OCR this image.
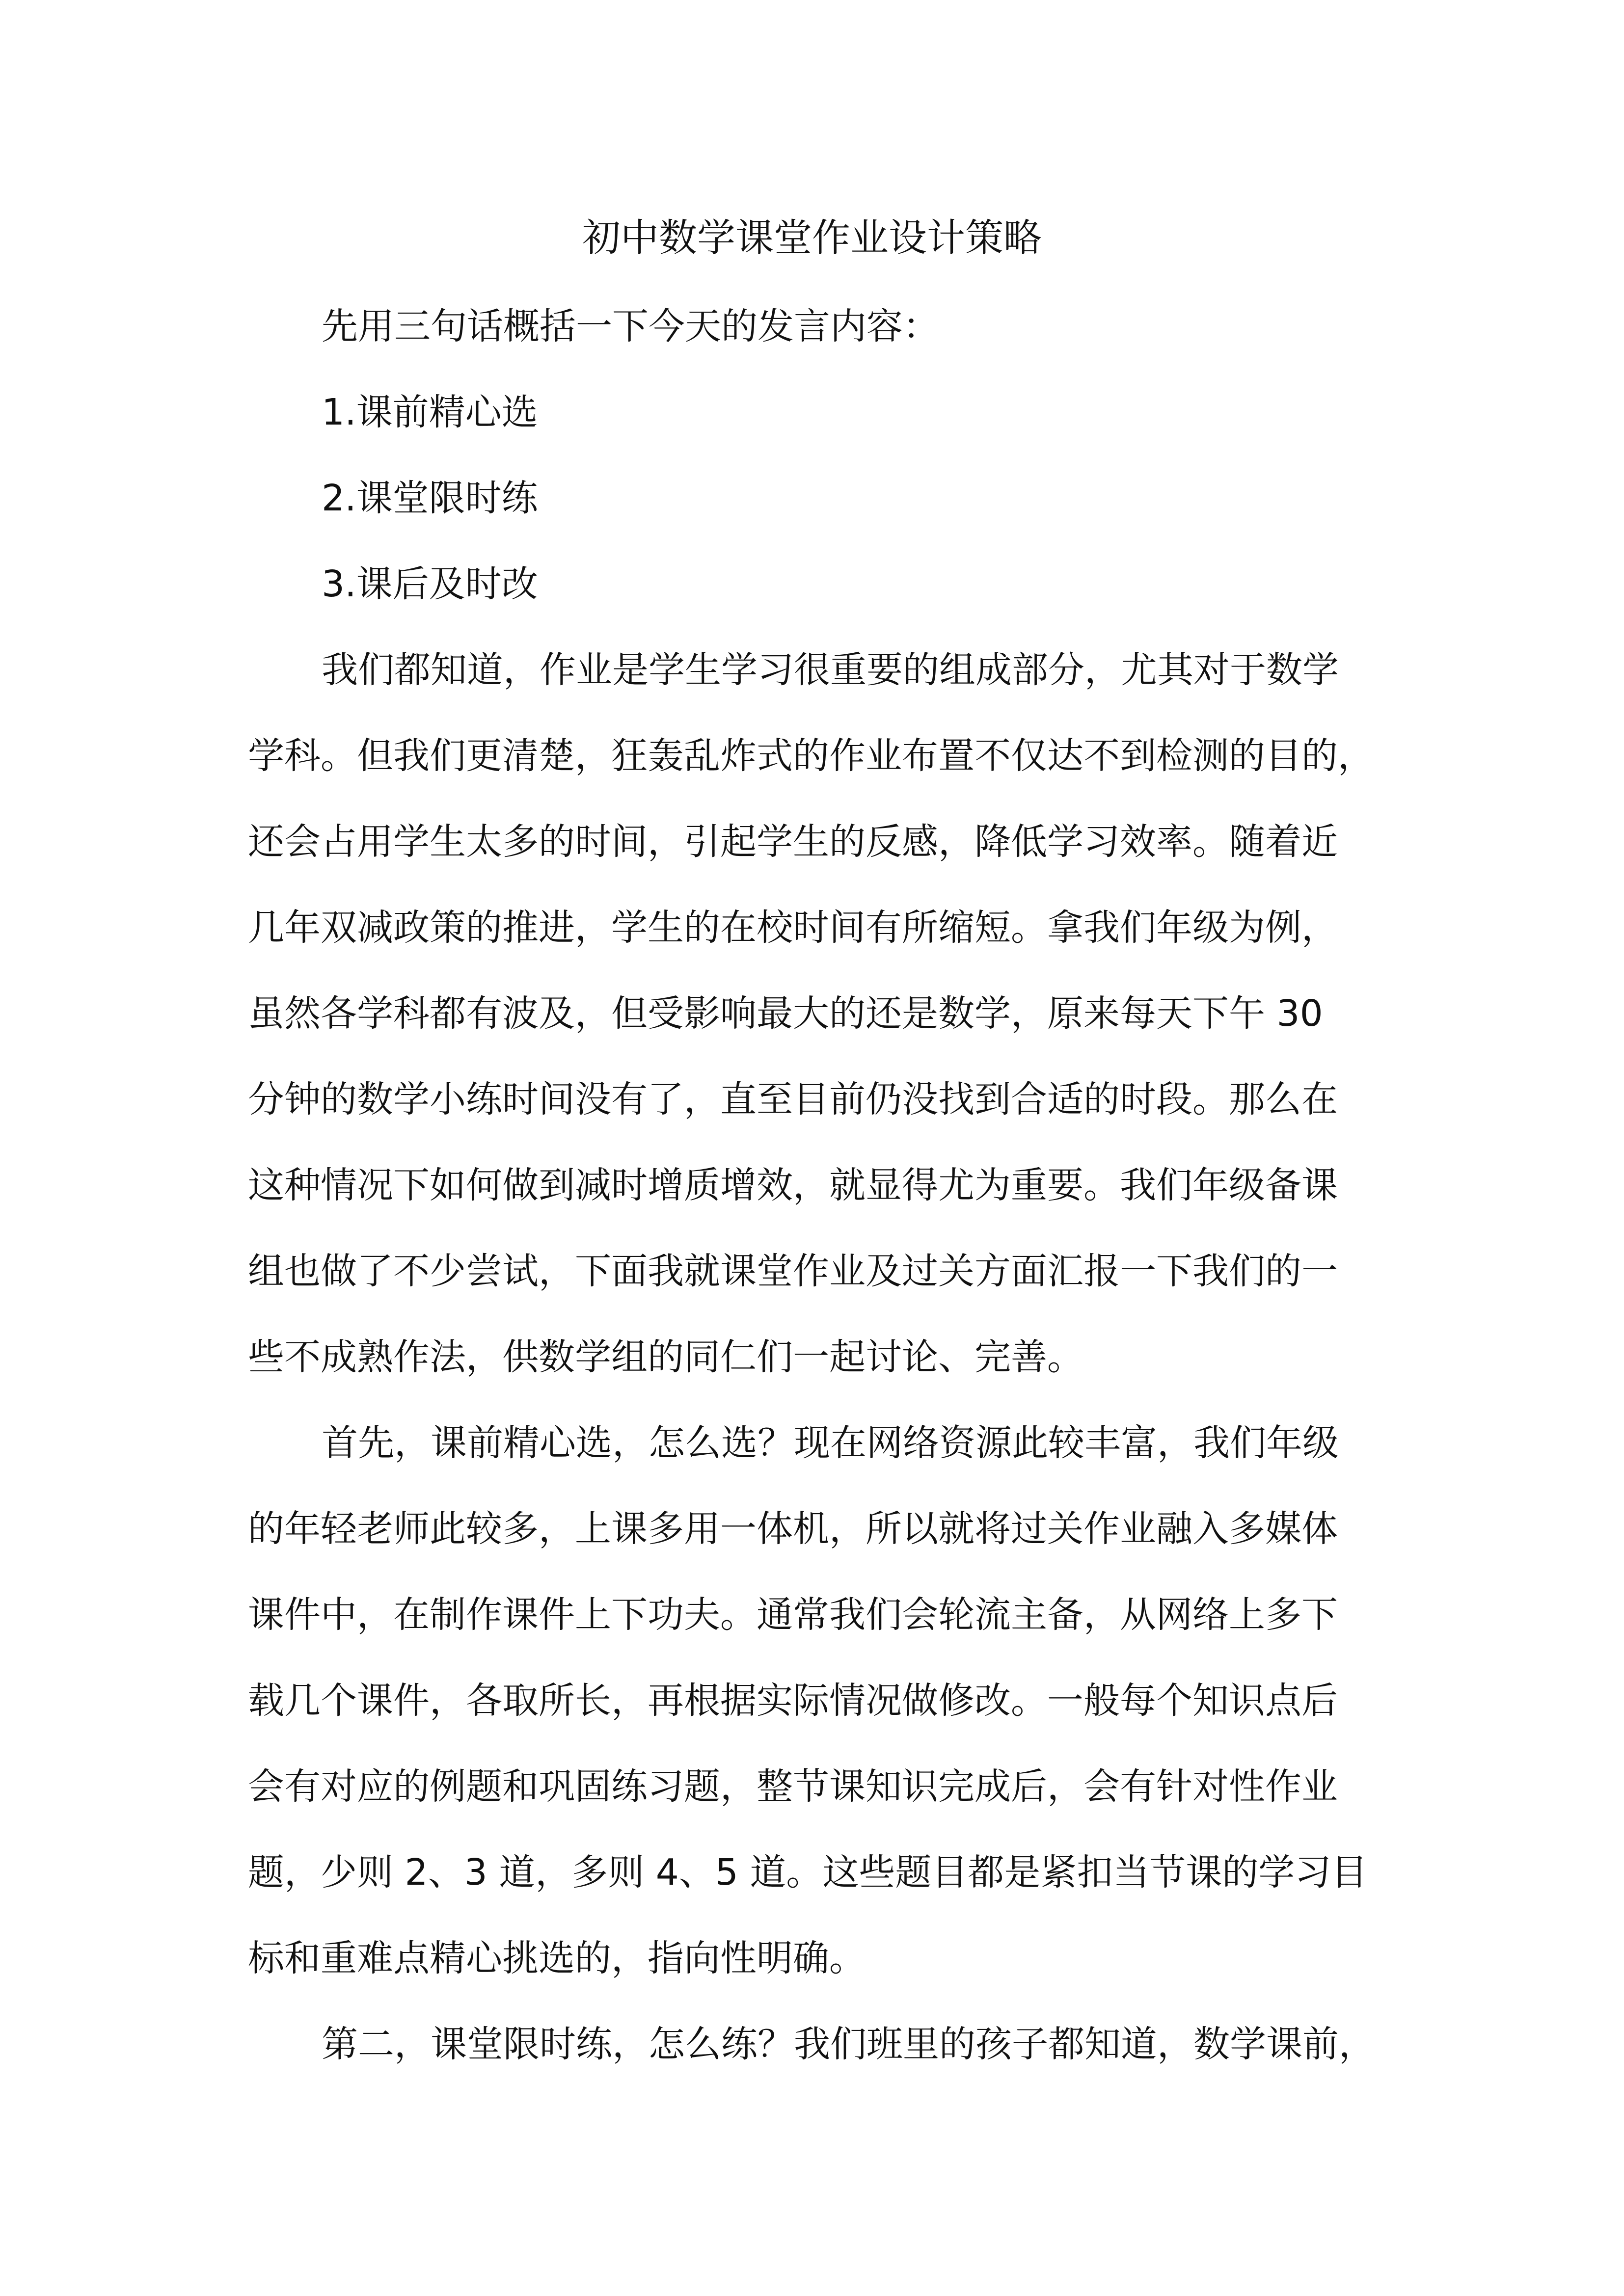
初中数学课堂作业设计策略
先用三句话概括一下今天的发言内容：
1.课前精心选
2.课堂限时练
3.课后及时改
我们都知道，作业是学生学习很重要的组成部分，尤其对于数学
学科。但我们更清楚，狂轰乱炸式的作业布置不仅达不到检测的目的，
还会占用学生太多的时间，引起学生的反感，降低学习效率。随着近
几年双减政策的推进，学生的在校时间有所缩短。拿我们年级为例，
虽然各学科都有波及，但受影响最大的还是数学，原来每天下午 30
分钟的数学小练时间没有了，直至目前仍没找到合适的时段。那么在
这种情况下如何做到减时增质增效，就显得尤为重要。我们年级备课
组也做了不少尝试，下面我就课堂作业及过关方面汇报一下我们的一
些不成熟作法，供数学组的同仁们一起讨论、完善。
首先，课前精心选，怎么选？现在网络资源此较丰富，我们年级
的年轻老师此较多，上课多用一体机，所以就将过关作业融入多媒体
课件中，在制作课件上下功夫。通常我们会轮流主备，从网络上多下
载几个课件，各取所长，再根据实际情况做修改。一般每个知识点后
会有对应的例题和巩固练习题，整节课知识完成后，会有针对性作业
题，少则 2、3 道，多则 4、5 道。这些题目都是紧扣当节课的学习目
标和重难点精心挑选的，指向性明确。
第二，课堂限时练，怎么练？我们班里的孩子都知道，数学课前，
